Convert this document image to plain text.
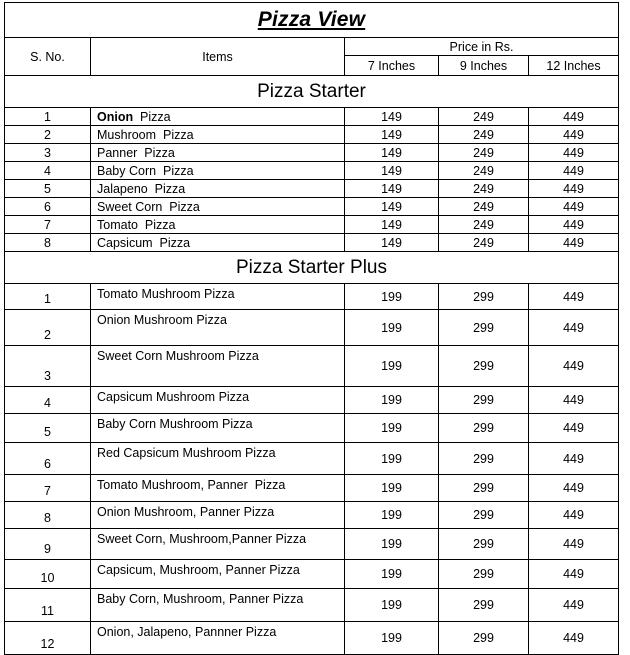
Pizza View				
S. No.	Items	Price in Rs.		
		7 Inches	9 Inches	12 Inches
Pizza Starter				
1	Onion  Pizza	149	249	449
2	Mushroom  Pizza	149	249	449
3	Panner  Pizza	149	249	449
4	Baby Corn  Pizza	149	249	449
5	Jalapeno  Pizza	149	249	449
6	Sweet Corn  Pizza	149	249	449
7	Tomato  Pizza	149	249	449
8	Capsicum  Pizza	149	249	449
Pizza Starter Plus				
1	Tomato Mushroom Pizza	199	299	449
2	Onion Mushroom Pizza	199	299	449
3	Sweet Corn Mushroom Pizza	199	299	449
4	Capsicum Mushroom Pizza	199	299	449
5	Baby Corn Mushroom Pizza	199	299	449
6	Red Capsicum Mushroom Pizza	199	299	449
7	Tomato Mushroom, Panner  Pizza	199	299	449
8	Onion Mushroom, Panner Pizza	199	299	449
9	Sweet Corn, Mushroom,Panner Pizza	199	299	449
10	Capsicum, Mushroom, Panner Pizza	199	299	449
11	Baby Corn, Mushroom, Panner Pizza	199	299	449
12	Onion, Jalapeno, Pannner Pizza	199	299	449
